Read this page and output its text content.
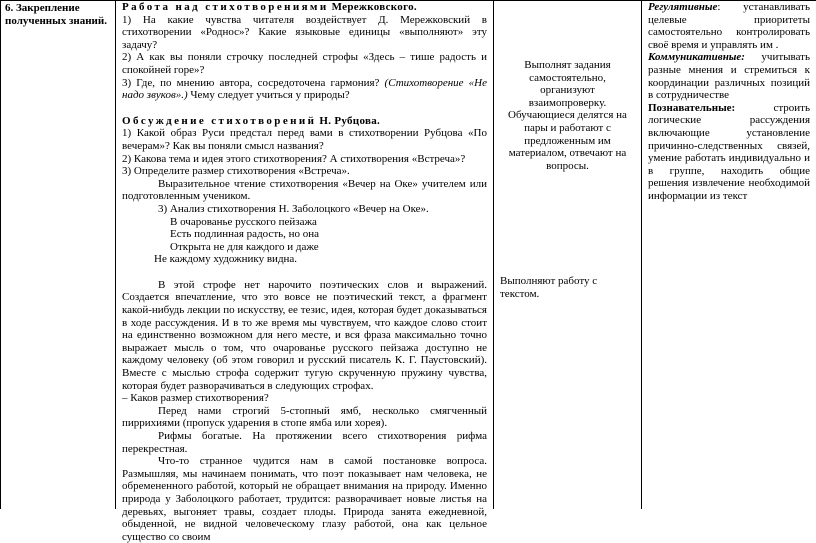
6. Закрепление полученных знаний.

Работа над стихотворениями Мережковского.

1) На какие чувства читателя воздействует Д. Мережковский в стихотворении «Роднос»? Какие языковые единицы «выполняют» эту задачу?

2) А как вы поняли строчку последней строфы «Здесь – тише радость и спокойней горе»?

3) Где, по мнению автора, сосредоточена гармония? (Стихотворение «Не надо звуков».) Чему следует учиться у природы?

Обсуждение стихотворений Н. Рубцова.

1) Какой образ Руси предстал перед вами в стихотворении Рубцова «По вечерам»? Как вы поняли смысл названия?

2) Какова тема и идея этого стихотворения? А стихотворения «Встреча»?

3) Определите размер стихотворения «Встреча».

Выразительное чтение стихотворения «Вечер на Оке» учителем или подготовленным учеником.

3) Анализ стихотворения Н. Заболоцкого «Вечер на Оке».

В очарованье русского пейзажа

Есть подлинная радость, но она

Открыта не для каждого и даже

Не каждому художнику видна.

В этой строфе нет нарочито поэтических слов и выражений. Создается впечатление, что это вовсе не поэтический текст, а фрагмент какой-нибудь лекции по искусству, ее тезис, идея, которая будет доказываться в ходе рассуждения. И в то же время мы чувствуем, что каждое слово стоит на единственно возможном для него месте, и вся фраза максимально точно выражает мысль о том, что очарованье русского пейзажа доступно не каждому человеку (об этом говорил и русский писатель К. Г. Паустовский). Вместе с мыслью строфа содержит тугую скрученную пружину чувства, которая будет разворачиваться в следующих строфах.

– Каков размер стихотворения?

Перед нами строгий 5-стопный ямб, несколько смягченный пиррихиями (пропуск ударения в стопе ямба или хорея).

Рифмы богатые. На протяжении всего стихотворения рифма перекрестная.

Что-то странное чудится нам в самой постановке вопроса. Размышляя, мы начинаем понимать, что поэт показывает нам человека, не обремененного работой, который не обращает внимания на природу. Именно природа у Заболоцкого работает, трудится: разворачивает новые листья на деревьях, выгоняет травы, создает плоды. Природа занята ежедневной, обыденной, не видной человеческому глазу работой, она как цельное существо со своим

Выполнят задания самостоятельно, организуют взаимопроверку. Обучающиеся делятся на пары и работают с предложенным им материалом, отвечают на вопросы.
Выполняют работу с текстом.

Регулятивные: устанавливать целевые приоритеты самостоятельно контролировать своё время и управлять им .

Коммуникативные: учитывать разные мнения и стремиться к координации различных позиций в сотрудничестве

Познавательные: строить логические рассуждения включающие установление причинно-следственных связей, умение работать индивидуально и в группе, находить общие решения извлечение необходимой информации из текст
